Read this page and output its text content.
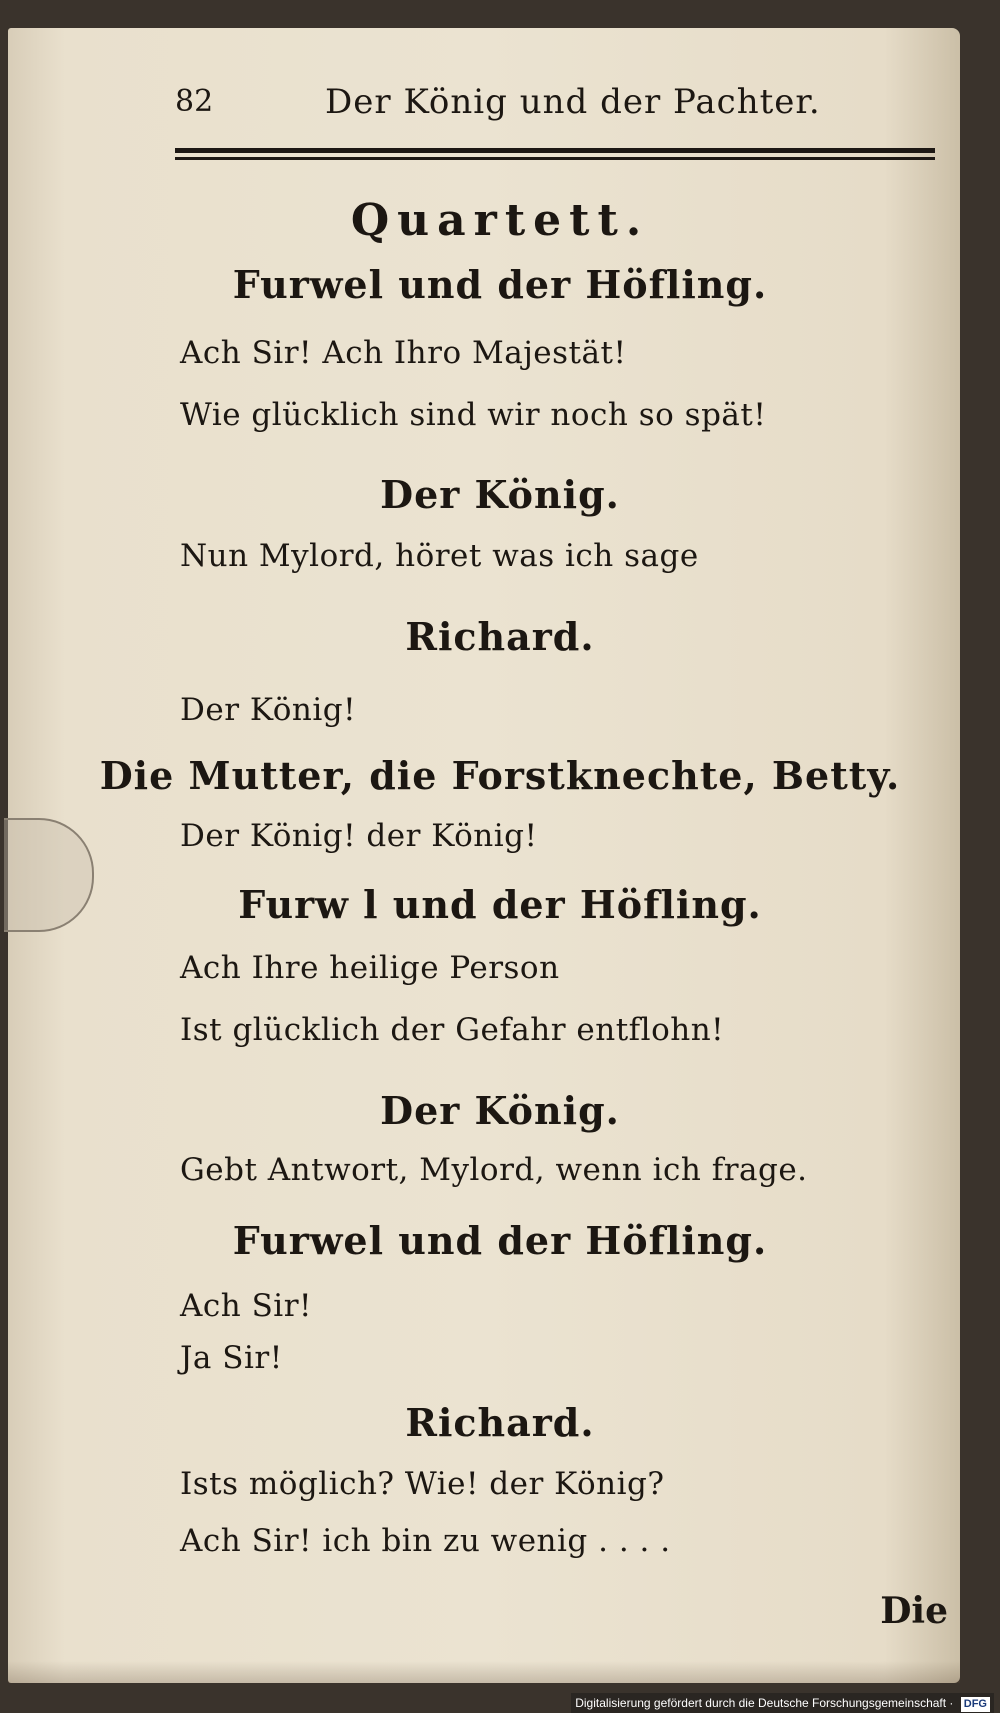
82	Der König und der Pachter.
Quartett.
Furwel und der Höfling.
Ach Sir! Ach Ihro Majestät!
Wie glücklich sind wir noch so spät!
Der König.
Nun Mylord, höret was ich sage
Richard.
Der König!
Die Mutter, die Forstknechte, Betty.
Der König! der König!
Furw l und der Höfling.
Ach Ihre heilige Person
Ist glücklich der Gefahr entflohn!
Der König.
Gebt Antwort, Mylord, wenn ich frage.
Furwel und der Höfling.
Ach Sir!
Ja Sir!
Richard.
Ists möglich? Wie! der König?
Ach Sir! ich bin zu wenig . . . .
Die
Digitalisierung gefördert durch die Deutsche Forschungsgemeinschaft · DFG
